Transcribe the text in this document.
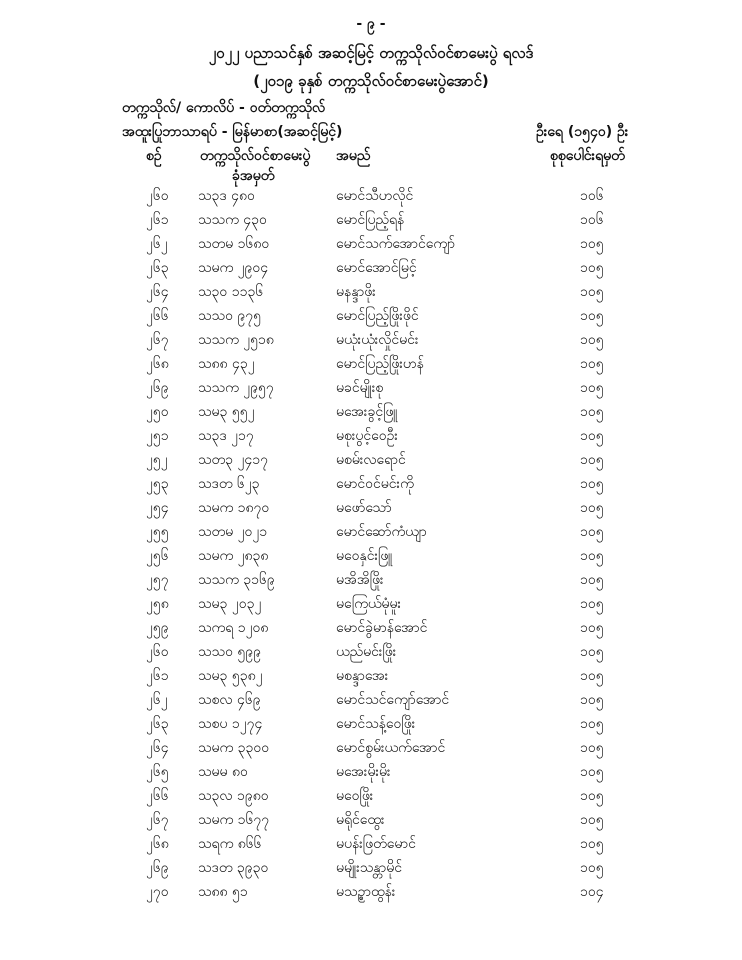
- ၉ -
၂၀၂၂ ပညာသင်နှစ် အဆင့်မြင့် တက္ကသိုလ်ဝင်စာမေးပွဲ ရလဒ်
(၂၀၁၉ ခုနှစ် တက္ကသိုလ်ဝင်စာမေးပွဲအောင်)
တက္ကသိုလ်/ ကောလိပ် - ဝတ်တက္ကသိုလ်
အထူးပြုဘာသာရပ် - မြန်မာစာ(အဆင့်မြင့်)	ဦးရေ (၁၅၄၀) ဦး
စဉ်	တက္ကသိုလ်ဝင်စာမေးပွဲ
ခုံအမှတ်
အမည်	စုစုပေါင်းရမှတ်
၂၆၀	သ၃ဒ ၄၈၀	မောင်သီဟလိုင်	၁၀၆
၂၆၁	သသက ၄၃၀	မောင်ပြည့်ရန်	၁၀၆
၂၆၂	သတမ ၁၆၈၀	မောင်သက်အောင်ကျော်	၁၀၅
၂၆၃	သမက ၂၉၀၄	မောင်အောင်မြင့်	၁၀၅
၂၆၄	သ၃၀ ၁၁၃၆	မနန္ဒာဖိုး	၁၀၅
၂၆၆	သသ၀ ၉၇၅	မောင်ပြည့်ဖြိုးဖိုင်	၁၀၅
၂၆၇	သသက ၂၅၁၈	မယုံးယုံးလှိုင်မင်း	၁၀၅
၂၆၈	သ၈၈ ၄၃၂	မောင်ပြည့်ဖြိုးဟန်	၁၀၅
၂၆၉	သသက ၂၉၅၇	မခင်မျိုးစု	၁၀၅
၂၅၀	သမ၃ ၅၅၂	မအေးခွင့်ဖြူ	၁၀၅
၂၅၁	သ၃ဒ ၂၁၇	မစုးပွင့်ဝေဦး	၁၀၅
၂၅၂	သတ၃ ၂၄၁၇	မစမ်းလရောင်	၁၀၅
၂၅၃	သဒတ ၆၂၃	မောင်ဝင်မင်းကို	၁၀၅
၂၅၄	သမက ၁၈၇၀	မဖော်သော်	၁၀၅
၂၅၅	သတမ ၂၀၂၁	မောင်ဆော်ကံယျာ	၁၀၅
၂၅၆	သမက ၂၈၃၈	မဝေနှင်းဖြူ	၁၀၅
၂၅၇	သသက ၃၁၆၉	မအိအိဖြိုး	၁၀၅
၂၅၈	သမ၃ ၂၀၃၂	မကြေယ်မုံမူး	၁၀၅
၂၅၉	သကရ ၁၂၀၈	မောင်ခွဲမာန်အောင်	၁၀၅
၂၆၀	သသ၀ ၅၉၉	ယည်မင်းဖြိုး	၁၀၅
၂၆၁	သမ၃ ၅၃၈၂	မစန္ဒာအေး	၁၀၅
၂၆၂	သစလ ၄၆၉	မောင်သင်ကျော်အောင်	၁၀၅
၂၆၃	သစပ ၁၂၇၄	မောင်သန့်ဝေဖြိုး	၁၀၅
၂၆၄	သမက ၃၃၀၀	မောင်စွမ်းယက်အောင်	၁၀၅
၂၆၅	သမမ ၈၀	မအေးမိုးမိုး	၁၀၅
၂၆၆	သ၃လ ၁၉၈၀	မဝေဖြိုး	၁၀၅
၂၆၇	သမက ၁၆၇၇	မရိုင်ထွေး	၁၀၅
၂၆၈	သရက ၈၆၆	မပန်းဖြတ်မောင်	၁၀၅
၂၆၉	သဒတ ၃၉၃၀	မမျိုးသန္တာမိုင်	၁၀၅
၂၇၀	သ၈၈ ၅၁	မသဉ္စာထွန်း	၁၀၄
